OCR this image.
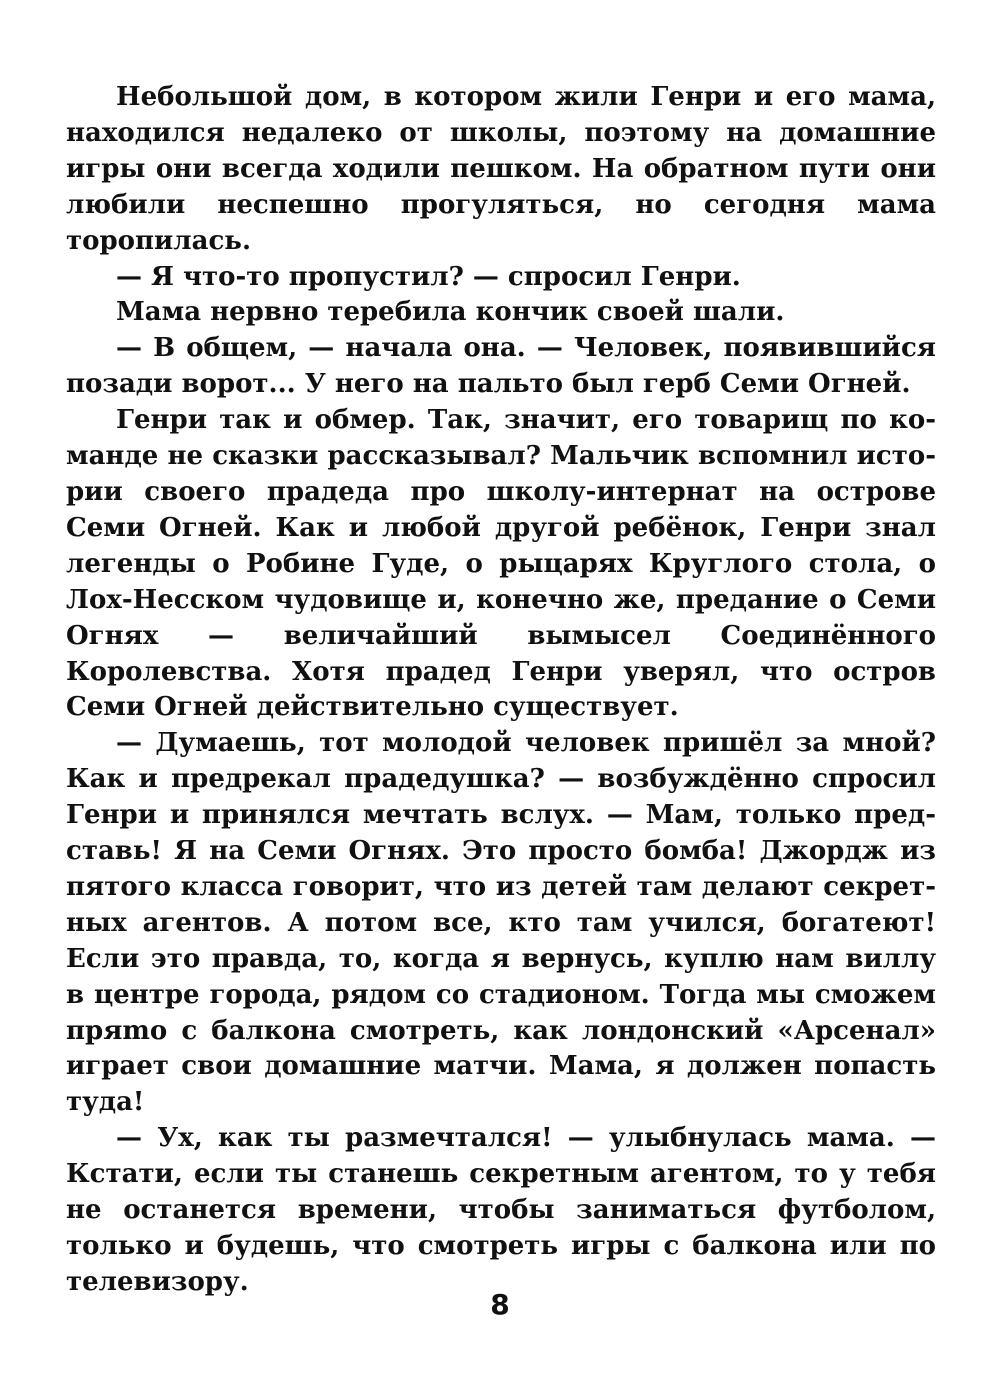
Небольшой дом, в котором жили Генри и его мама, находился недалеко от школы, поэтому на домашние игры они всегда ходили пешком. На обратном пути они любили неспешно прогуляться, но сегодня мама торопилась.

— Я что-то пропустил? — спросил Генри.

Мама нервно теребила кончик своей шали.

— В общем, — начала она. — Человек, появившийся позади ворот... У него на пальто был герб Семи Огней.

Генри так и обмер. Так, значит, его товарищ по команде не сказки рассказывал? Мальчик вспомнил истории своего прадеда про школу-интернат на острове Семи Огней. Как и любой другой ребёнок, Генри знал легенды о Робине Гуде, о рыцарях Круглого стола, о Лох-Несском чудовище и, конечно же, предание о Семи Огнях — величайший вымысел Соединённого Королевства. Хотя прадед Генри уверял, что остров Семи Огней действительно существует.

— Думаешь, тот молодой человек пришёл за мной? Как и предрекал прадедушка? — возбуждённо спросил Генри и принялся мечтать вслух. — Мам, только представь! Я на Семи Огнях. Это просто бомба! Джордж из пятого класса говорит, что из детей там делают секретных агентов. А потом все, кто там учился, богатеют! Если это правда, то, когда я вернусь, куплю нам виллу в центре города, рядом со стадионом. Тогда мы сможем пряmo с балкона смотреть, как лондонский «Арсенал» играет свои домашние матчи. Мама, я должен попасть туда!

— Ух, как ты размечтался! — улыбнулась мама. — Кстати, если ты станешь секретным агентом, то у тебя не останется времени, чтобы заниматься футболом, только и будешь, что смотреть игры с балкона или по телевизору.

8
